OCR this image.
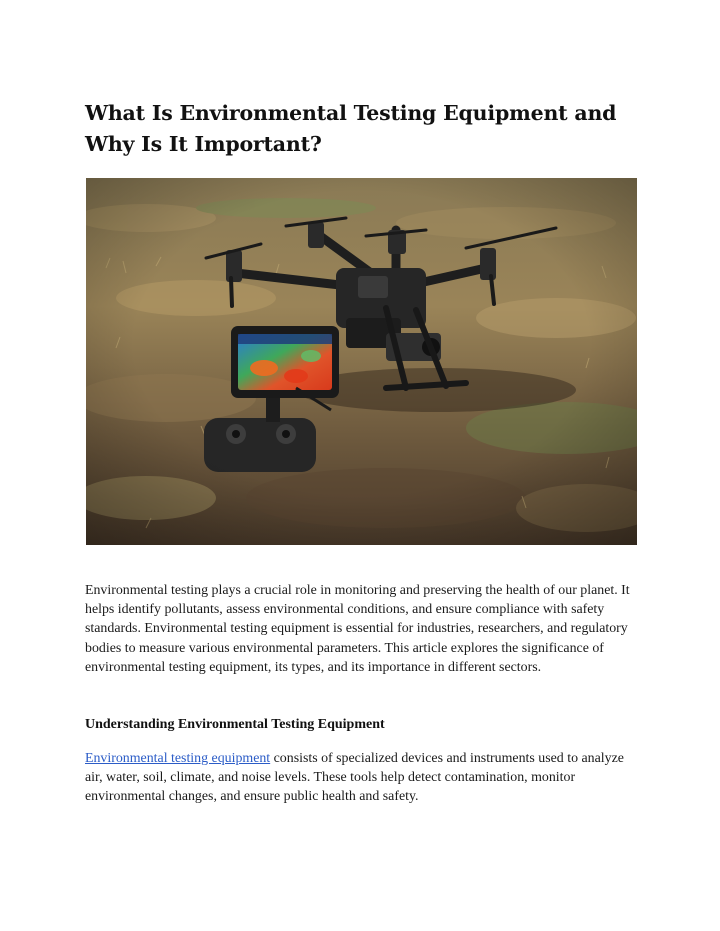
What Is Environmental Testing Equipment and
Why Is It Important?

Environmental testing plays a crucial role in monitoring and preserving the health of our planet. It helps identify pollutants, assess environmental conditions, and ensure compliance with safety standards. Environmental testing equipment is essential for industries, researchers, and regulatory bodies to measure various environmental parameters. This article explores the significance of environmental testing equipment, its types, and its importance in different sectors.

Understanding Environmental Testing Equipment

Environmental testing equipment consists of specialized devices and instruments used to analyze air, water, soil, climate, and noise levels. These tools help detect contamination, monitor environmental changes, and ensure public health and safety.
